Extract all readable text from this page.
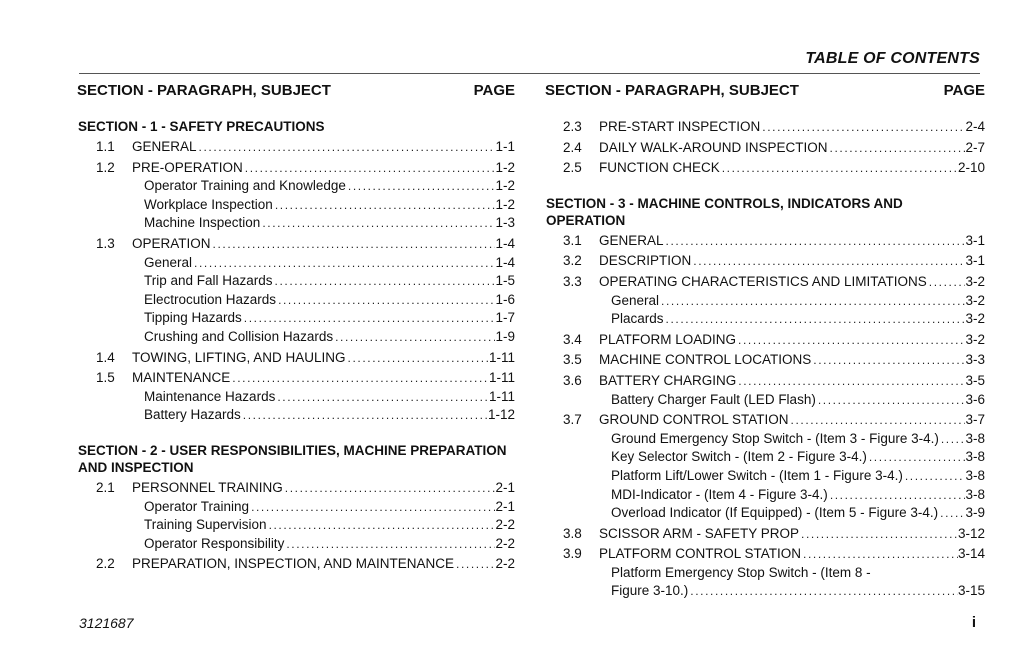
TABLE OF CONTENTS
SECTION - PARAGRAPH, SUBJECT	PAGE
SECTION - 1 - SAFETY PRECAUTIONS
1.1	GENERAL .....	1-1
1.2	PRE-OPERATION .....	1-2
Operator Training and Knowledge .....	1-2
Workplace Inspection .....	1-2
Machine Inspection .....	1-3
1.3	OPERATION .....	1-4
General .....	1-4
Trip and Fall Hazards .....	1-5
Electrocution Hazards .....	1-6
Tipping Hazards .....	1-7
Crushing and Collision Hazards .....	1-9
1.4	TOWING, LIFTING, AND HAULING .....	1-11
1.5	MAINTENANCE .....	1-11
Maintenance Hazards .....	1-11
Battery Hazards .....	1-12
SECTION - 2 - USER RESPONSIBILITIES, MACHINE PREPARATION
AND INSPECTION
2.1	PERSONNEL TRAINING .....	2-1
Operator Training .....	2-1
Training Supervision .....	2-2
Operator Responsibility .....	2-2
2.2	PREPARATION, INSPECTION, AND MAINTENANCE .....	2-2
SECTION - PARAGRAPH, SUBJECT	PAGE
2.3	PRE-START INSPECTION .....	2-4
2.4	DAILY WALK-AROUND INSPECTION .....	2-7
2.5	FUNCTION CHECK .....	2-10
SECTION - 3 - MACHINE CONTROLS, INDICATORS AND OPERATION
3.1	GENERAL .....	3-1
3.2	DESCRIPTION .....	3-1
3.3	OPERATING CHARACTERISTICS AND LIMITATIONS .....	3-2
General .....	3-2
Placards .....	3-2
3.4	PLATFORM LOADING .....	3-2
3.5	MACHINE CONTROL LOCATIONS .....	3-3
3.6	BATTERY CHARGING .....	3-5
Battery Charger Fault (LED Flash) .....	3-6
3.7	GROUND CONTROL STATION .....	3-7
Ground Emergency Stop Switch - (Item 3 - Figure 3-4.) ..... 3-8
Key Selector Switch - (Item 2 - Figure 3-4.) .....	3-8
Platform Lift/Lower Switch - (Item 1 - Figure 3-4.) .....	3-8
MDI-Indicator - (Item 4 - Figure 3-4.) .....	3-8
Overload Indicator (If Equipped) - (Item 5 - Figure 3-4.) ..... 3-9
3.8	SCISSOR ARM - SAFETY PROP .....	3-12
3.9	PLATFORM CONTROL STATION .....	3-14
Platform Emergency Stop Switch - (Item 8 -
Figure 3-10.) .....	3-15
3121687	i
